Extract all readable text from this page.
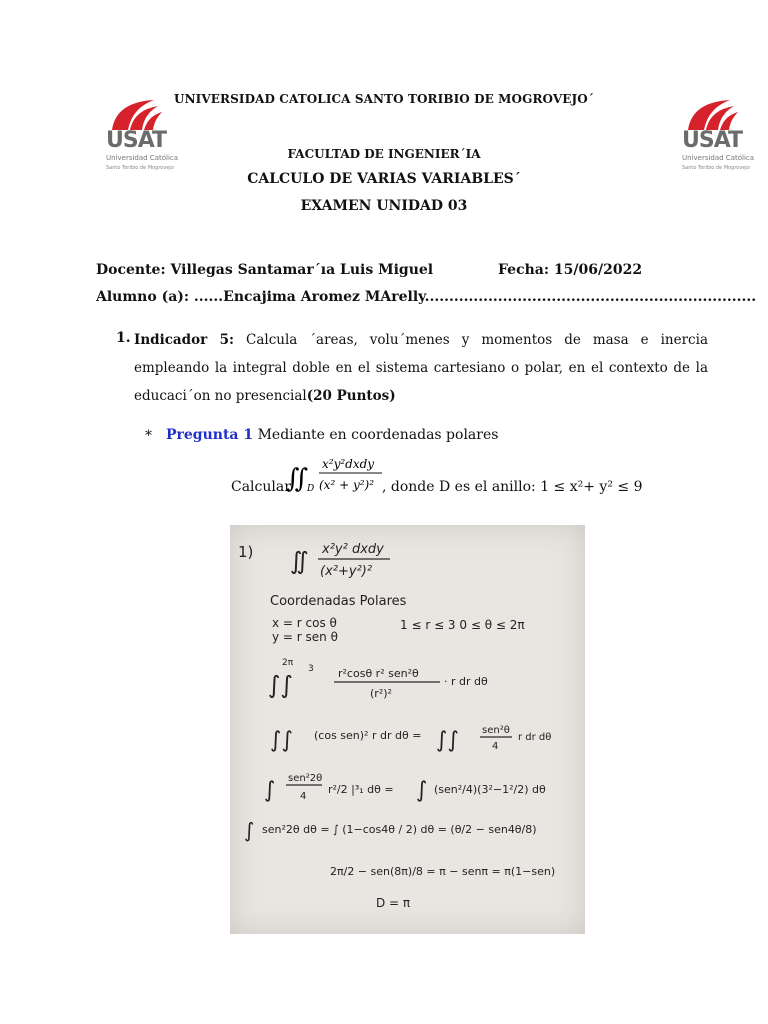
USAT
Universidad Católica
Santo Toribio de Mogrovejo
USAT
Universidad Católica
Santo Toribio de Mogrovejo
UNIVERSIDAD CATOLICA SANTO TORIBIO DE MOGROVEJO´
FACULTAD DE INGENIER´IA
CALCULO DE VARIAS VARIABLES´
EXAMEN UNIDAD 03
Docente: Villegas Santamar´ıa Luis Miguel	Fecha: 15/06/2022
Alumno (a): ......Encajima Aromez MArelly....................................................................
1. Indicador 5: Calcula ´areas, volu´menes y momentos de masa e inercia empleando la integral doble en el sistema cartesiano o polar, en el contexto de la educaci´on no presencial(20 Puntos)
* Pregunta 1 Mediante en coordenadas polares
Calcular
∬
D
x²y²dxdy
(x² + y²)² , donde D es el anillo: 1 ≤ x²+ y² ≤ 9
1) ∬ x²y² dxdy
(x²+y²)²
Coordenadas Polares
x = r cos θ
y = r sen θ
1 ≤ r ≤ 3 0 ≤ θ ≤ 2π
∫∫
2π
3 r²cosθ r² sen²θ
(r²)²
· r dr dθ
∫∫ (cos sen)² r dr dθ = ∫∫ sen²θ
4
r dr dθ
∫ sen²2θ
4
r²/2 |³₁ dθ = ∫ (sen²/4)(3²−1²/2) dθ
∫ sen²2θ dθ = ∫ (1−cos4θ / 2) dθ = (θ/2 − sen4θ/8)
2π/2 − sen(8π)/8 = π − senπ = π(1−sen)
D = π
